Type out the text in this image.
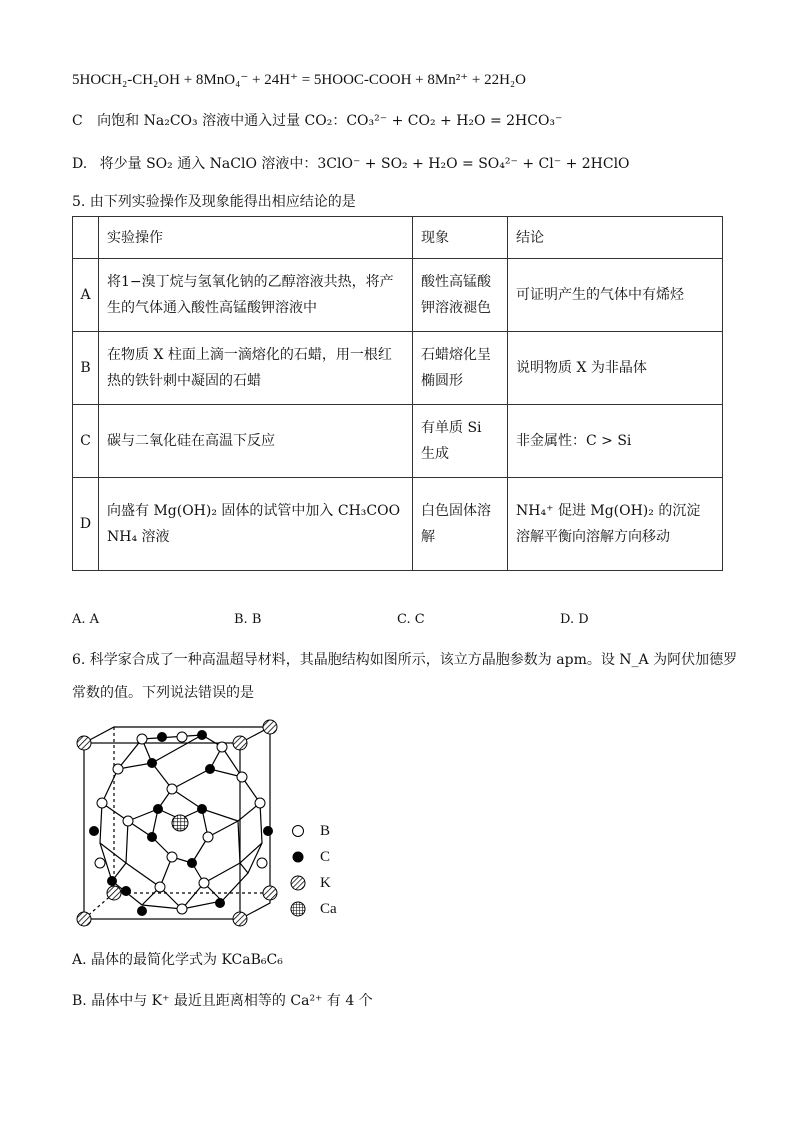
5HOCH₂-CH₂OH + 8MnO₄⁻ + 24H⁺ = 5HOOC-COOH + 8Mn²⁺ + 22H₂O
C 向饱和 Na₂CO₃ 溶液中通入过量 CO₂：CO₃²⁻ + CO₂ + H₂O = 2HCO₃⁻
D. 将少量 SO₂ 通入 NaClO 溶液中：3ClO⁻ + SO₂ + H₂O = SO₄²⁻ + Cl⁻ + 2HClO
5. 由下列实验操作及现象能得出相应结论的是
	实验操作	现象	结论
A	将1−溴丁烷与氢氧化钠的乙醇溶液共热，将产生的气体通入酸性高锰酸钾溶液中	酸性高锰酸钾溶液褪色	可证明产生的气体中有烯烃
B	在物质 X 柱面上滴一滴熔化的石蜡，用一根红热的铁针刺中凝固的石蜡	石蜡熔化呈椭圆形	说明物质 X 为非晶体
C	碳与二氧化硅在高温下反应	有单质 Si 生成	非金属性：C > Si
D	向盛有 Mg(OH)₂ 固体的试管中加入 CH₃COONH₄ 溶液	白色固体溶解	NH₄⁺ 促进 Mg(OH)₂ 的沉淀溶解平衡向溶解方向移动
A. A	B. B	C. C	D. D
6. 科学家合成了一种高温超导材料，其晶胞结构如图所示，该立方晶胞参数为 apm。设 N_A 为阿伏加德罗
常数的值。下列说法错误的是
B
C
K
Ca
A. 晶体的最简化学式为 KCaB₆C₆
B. 晶体中与 K⁺ 最近且距离相等的 Ca²⁺ 有 4 个
